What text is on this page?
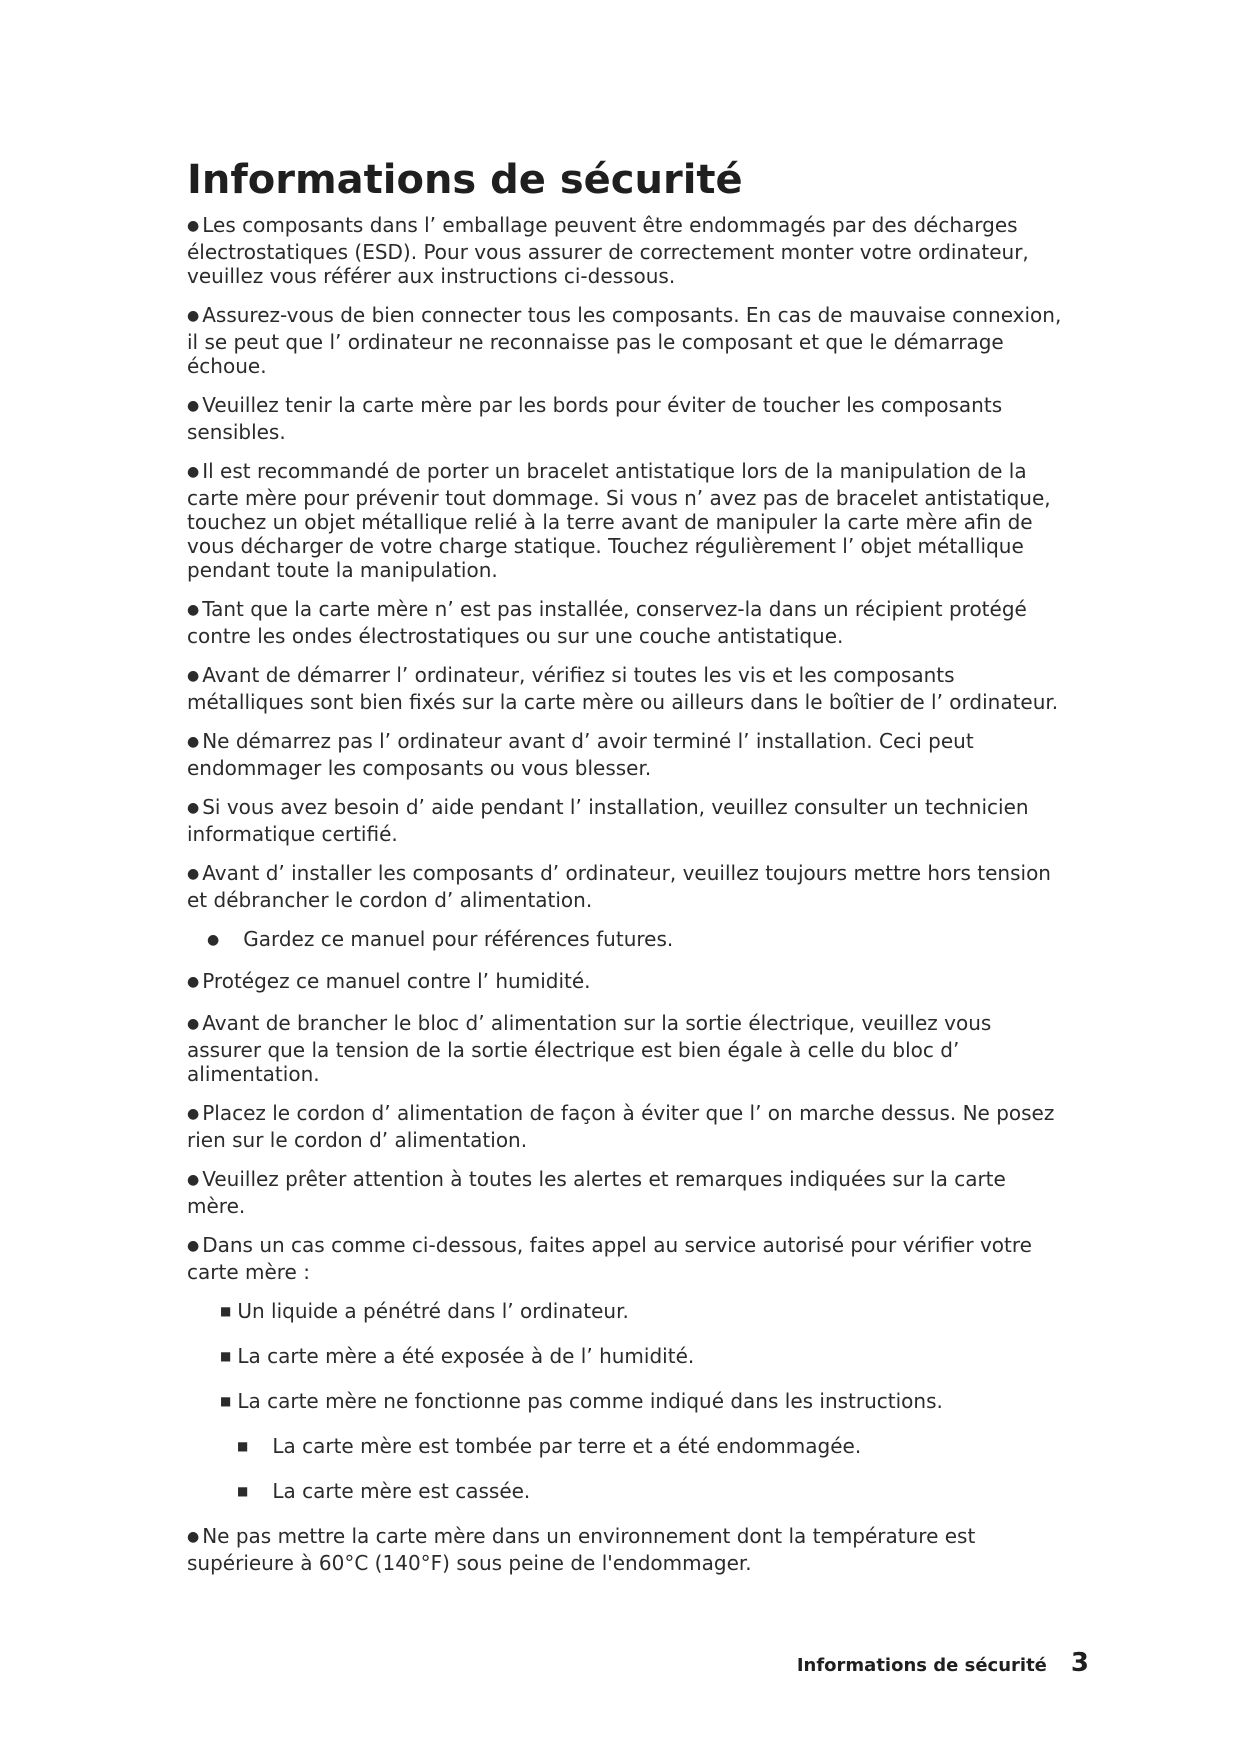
Informations de sécurité

● Les composants dans l’ emballage peuvent être endommagés par des décharges électrostatiques (ESD). Pour vous assurer de correctement monter votre ordinateur, veuillez vous référer aux instructions ci-dessous.

● Assurez-vous de bien connecter tous les composants. En cas de mauvaise connexion, il se peut que l’ ordinateur ne reconnaisse pas le composant et que le démarrage échoue.

● Veuillez tenir la carte mère par les bords pour éviter de toucher les composants sensibles.

● Il est recommandé de porter un bracelet antistatique lors de la manipulation de la carte mère pour prévenir tout dommage. Si vous n’ avez pas de bracelet antistatique, touchez un objet métallique relié à la terre avant de manipuler la carte mère afin de vous décharger de votre charge statique. Touchez régulièrement l’ objet métallique pendant toute la manipulation.

● Tant que la carte mère n’ est pas installée, conservez-la dans un récipient protégé contre les ondes électrostatiques ou sur une couche antistatique.

● Avant de démarrer l’ ordinateur, vérifiez si toutes les vis et les composants métalliques sont bien fixés sur la carte mère ou ailleurs dans le boîtier de l’ ordinateur.

● Ne démarrez pas l’ ordinateur avant d’ avoir terminé l’ installation. Ceci peut endommager les composants ou vous blesser.

● Si vous avez besoin d’ aide pendant l’ installation, veuillez consulter un technicien informatique certifié.

● Avant d’ installer les composants d’ ordinateur, veuillez toujours mettre hors tension et débrancher le cordon d’ alimentation.

● Gardez ce manuel pour références futures.

● Protégez ce manuel contre l’ humidité.

● Avant de brancher le bloc d’ alimentation sur la sortie électrique, veuillez vous assurer que la tension de la sortie électrique est bien égale à celle du bloc d’ alimentation.

● Placez le cordon d’ alimentation de façon à éviter que l’ on marche dessus. Ne posez rien sur le cordon d’ alimentation.

● Veuillez prêter attention à toutes les alertes et remarques indiquées sur la carte mère.

● Dans un cas comme ci-dessous, faites appel au service autorisé pour vérifier votre carte mère :

■ Un liquide a pénétré dans l’ ordinateur.

■ La carte mère a été exposée à de l’ humidité.

■ La carte mère ne fonctionne pas comme indiqué dans les instructions.

■ La carte mère est tombée par terre et a été endommagée.

■ La carte mère est cassée.

● Ne pas mettre la carte mère dans un environnement dont la température est supérieure à 60°C (140°F) sous peine de l'endommager.

Informations de sécurité 3
